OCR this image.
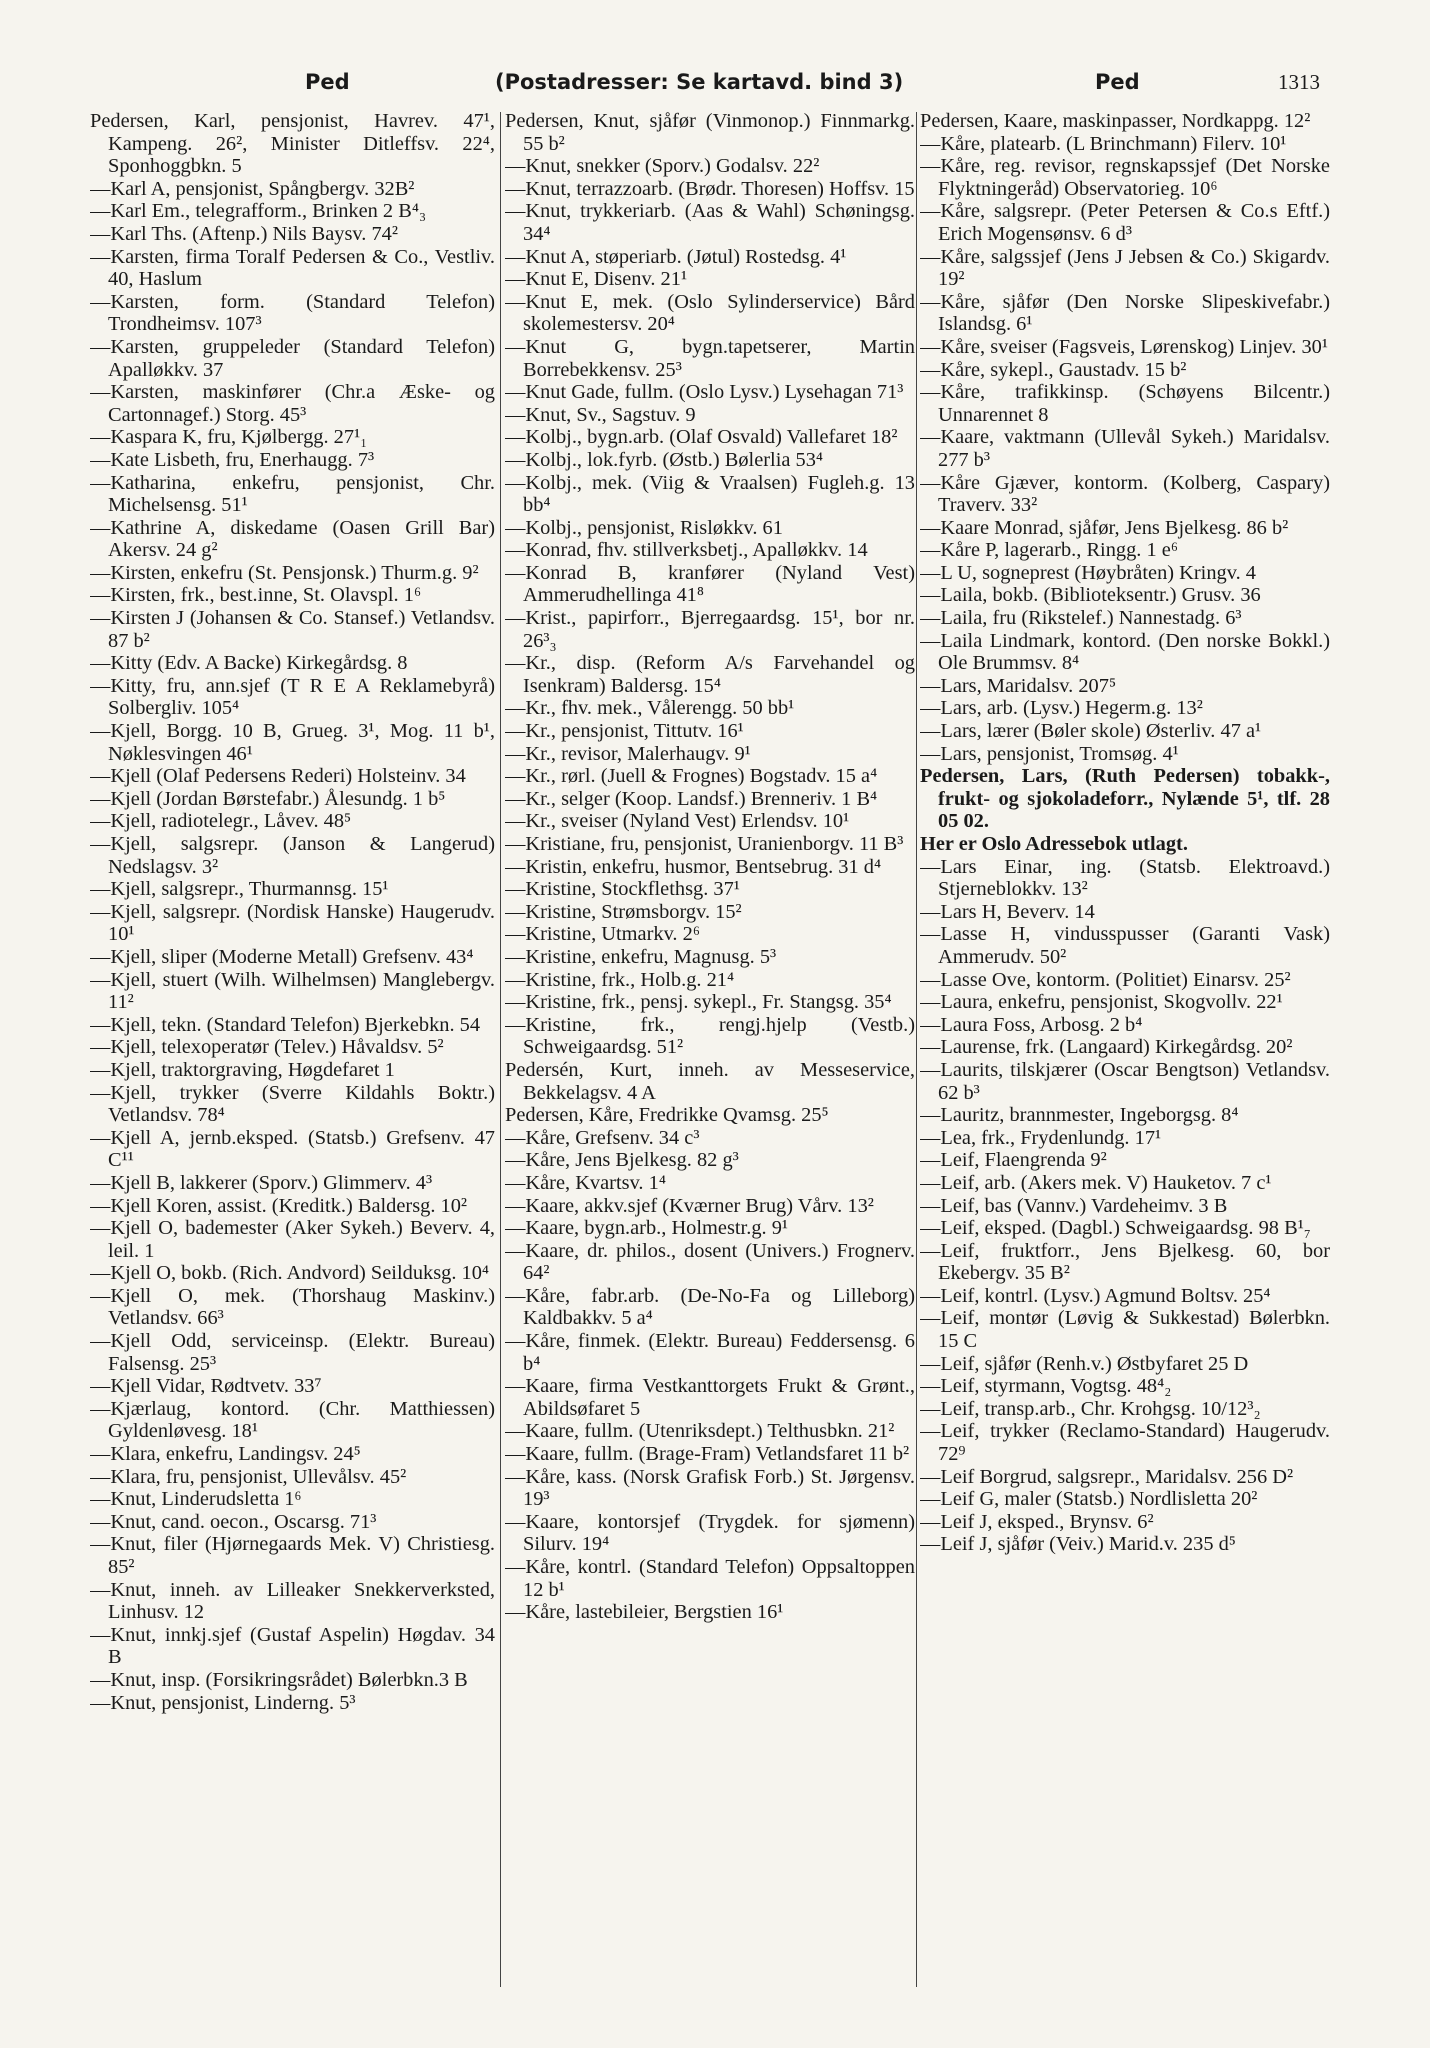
Ped	(Postadresser: Se kartavd. bind 3)	Ped	1313

Pedersen, Karl, pensjonist, Havrev. 47¹, Kampeng. 26², Minister Ditleffsv. 22⁴, Sponhoggbkn. 5

—Karl A, pensjonist, Spångbergv. 32B²

—Karl Em., telegrafform., Brinken 2 B⁴₃

—Karl Ths. (Aftenp.) Nils Baysv. 74²

—Karsten, firma Toralf Pedersen & Co., Vestliv. 40, Haslum

—Karsten, form. (Standard Telefon) Trondheimsv. 107³

—Karsten, gruppeleder (Standard Telefon) Apalløkkv. 37

—Karsten, maskinfører (Chr.a Æske- og Cartonnagef.) Storg. 45³

—Kaspara K, fru, Kjølbergg. 27¹₁

—Kate Lisbeth, fru, Enerhaugg. 7³

—Katharina, enkefru, pensjonist, Chr. Michelsensg. 51¹

—Kathrine A, diskedame (Oasen Grill Bar) Akersv. 24 g²

—Kirsten, enkefru (St. Pensjonsk.) Thurm.g. 9²

—Kirsten, frk., best.inne, St. Olavspl. 1⁶

—Kirsten J (Johansen & Co. Stansef.) Vetlandsv. 87 b²

—Kitty (Edv. A Backe) Kirkegårdsg. 8

—Kitty, fru, ann.sjef (T R E A Reklamebyrå) Solbergliv. 105⁴

—Kjell, Borgg. 10 B, Grueg. 3¹, Mog. 11 b¹, Nøklesvingen 46¹

—Kjell (Olaf Pedersens Rederi) Holsteinv. 34

—Kjell (Jordan Børstefabr.) Ålesundg. 1 b⁵

—Kjell, radiotelegr., Låvev. 48⁵

—Kjell, salgsrepr. (Janson & Langerud) Nedslagsv. 3²

—Kjell, salgsrepr., Thurmannsg. 15¹

—Kjell, salgsrepr. (Nordisk Hanske) Haugerudv. 10¹

—Kjell, sliper (Moderne Metall) Grefsenv. 43⁴

—Kjell, stuert (Wilh. Wilhelmsen) Manglebergv. 11²

—Kjell, tekn. (Standard Telefon) Bjerkebkn. 54

—Kjell, telexoperatør (Telev.) Håvaldsv. 5²

—Kjell, traktorgraving, Høgdefaret 1

—Kjell, trykker (Sverre Kildahls Boktr.) Vetlandsv. 78⁴

—Kjell A, jernb.eksped. (Statsb.) Grefsenv. 47 C¹¹

—Kjell B, lakkerer (Sporv.) Glimmerv. 4³

—Kjell Koren, assist. (Kreditk.) Baldersg. 10²

—Kjell O, bademester (Aker Sykeh.) Beverv. 4, leil. 1

—Kjell O, bokb. (Rich. Andvord) Seilduksg. 10⁴

—Kjell O, mek. (Thorshaug Maskinv.) Vetlandsv. 66³

—Kjell Odd, serviceinsp. (Elektr. Bureau) Falsensg. 25³

—Kjell Vidar, Rødtvetv. 33⁷

—Kjærlaug, kontord. (Chr. Matthiessen) Gyldenløvesg. 18¹

—Klara, enkefru, Landingsv. 24⁵

—Klara, fru, pensjonist, Ullevålsv. 45²

—Knut, Linderudsletta 1⁶

—Knut, cand. oecon., Oscarsg. 71³

—Knut, filer (Hjørnegaards Mek. V) Christiesg. 85²

—Knut, inneh. av Lilleaker Snekkerverksted, Linhusv. 12

—Knut, innkj.sjef (Gustaf Aspelin) Høgdav. 34 B

—Knut, insp. (Forsikringsrådet) Bølerbkn.3 B

—Knut, pensjonist, Linderng. 5³

Pedersen, Knut, sjåfør (Vinmonop.) Finnmarkg. 55 b²

—Knut, snekker (Sporv.) Godalsv. 22²

—Knut, terrazzoarb. (Brødr. Thoresen) Hoffsv. 15

—Knut, trykkeriarb. (Aas & Wahl) Schøningsg. 34⁴

—Knut A, støperiarb. (Jøtul) Rostedsg. 4¹

—Knut E, Disenv. 21¹

—Knut E, mek. (Oslo Sylinderservice) Bård skolemestersv. 20⁴

—Knut G, bygn.tapetserer, Martin Borrebekkensv. 25³

—Knut Gade, fullm. (Oslo Lysv.) Lysehagan 71³

—Knut, Sv., Sagstuv. 9

—Kolbj., bygn.arb. (Olaf Osvald) Vallefaret 18²

—Kolbj., lok.fyrb. (Østb.) Bølerlia 53⁴

—Kolbj., mek. (Viig & Vraalsen) Fugleh.g. 13 bb⁴

—Kolbj., pensjonist, Risløkkv. 61

—Konrad, fhv. stillverksbetj., Apalløkkv. 14

—Konrad B, kranfører (Nyland Vest) Ammerudhellinga 41⁸

—Krist., papirforr., Bjerregaardsg. 15¹, bor nr. 26³₃

—Kr., disp. (Reform A/s Farvehandel og Isenkram) Baldersg. 15⁴

—Kr., fhv. mek., Vålerengg. 50 bb¹

—Kr., pensjonist, Tittutv. 16¹

—Kr., revisor, Malerhaugv. 9¹

—Kr., rørl. (Juell & Frognes) Bogstadv. 15 a⁴

—Kr., selger (Koop. Landsf.) Brenneriv. 1 B⁴

—Kr., sveiser (Nyland Vest) Erlendsv. 10¹

—Kristiane, fru, pensjonist, Uranienborgv. 11 B³

—Kristin, enkefru, husmor, Bentsebrug. 31 d⁴

—Kristine, Stockflethsg. 37¹

—Kristine, Strømsborgv. 15²

—Kristine, Utmarkv. 2⁶

—Kristine, enkefru, Magnusg. 5³

—Kristine, frk., Holb.g. 21⁴

—Kristine, frk., pensj. sykepl., Fr. Stangsg. 35⁴

—Kristine, frk., rengj.hjelp (Vestb.) Schweigaardsg. 51²

Pedersén, Kurt, inneh. av Messeservice, Bekkelagsv. 4 A

Pedersen, Kåre, Fredrikke Qvamsg. 25⁵

—Kåre, Grefsenv. 34 c³

—Kåre, Jens Bjelkesg. 82 g³

—Kåre, Kvartsv. 1⁴

—Kaare, akkv.sjef (Kværner Brug) Vårv. 13²

—Kaare, bygn.arb., Holmestr.g. 9¹

—Kaare, dr. philos., dosent (Univers.) Frognerv. 64²

—Kåre, fabr.arb. (De-No-Fa og Lilleborg) Kaldbakkv. 5 a⁴

—Kåre, finmek. (Elektr. Bureau) Feddersensg. 6 b⁴

—Kaare, firma Vestkanttorgets Frukt & Grønt., Abildsøfaret 5

—Kaare, fullm. (Utenriksdept.) Telthusbkn. 21²

—Kaare, fullm. (Brage-Fram) Vetlandsfaret 11 b²

—Kåre, kass. (Norsk Grafisk Forb.) St. Jørgensv. 19³

—Kaare, kontorsjef (Trygdek. for sjømenn) Silurv. 19⁴

—Kåre, kontrl. (Standard Telefon) Oppsaltoppen 12 b¹

—Kåre, lastebileier, Bergstien 16¹

Pedersen, Kaare, maskinpasser, Nordkappg. 12²

—Kåre, platearb. (L Brinchmann) Filerv. 10¹

—Kåre, reg. revisor, regnskapssjef (Det Norske Flyktningeråd) Observatorieg. 10⁶

—Kåre, salgsrepr. (Peter Petersen & Co.s Eftf.) Erich Mogensønsv. 6 d³

—Kåre, salgssjef (Jens J Jebsen & Co.) Skigardv. 19²

—Kåre, sjåfør (Den Norske Slipeskivefabr.) Islandsg. 6¹

—Kåre, sveiser (Fagsveis, Lørenskog) Linjev. 30¹

—Kåre, sykepl., Gaustadv. 15 b²

—Kåre, trafikkinsp. (Schøyens Bilcentr.) Unnarennet 8

—Kaare, vaktmann (Ullevål Sykeh.) Maridalsv. 277 b³

—Kåre Gjæver, kontorm. (Kolberg, Caspary) Traverv. 33²

—Kaare Monrad, sjåfør, Jens Bjelkesg. 86 b²

—Kåre P, lagerarb., Ringg. 1 e⁶

—L U, sogneprest (Høybråten) Kringv. 4

—Laila, bokb. (Biblioteksentr.) Grusv. 36

—Laila, fru (Rikstelef.) Nannestadg. 6³

—Laila Lindmark, kontord. (Den norske Bokkl.) Ole Brummsv. 8⁴

—Lars, Maridalsv. 207⁵

—Lars, arb. (Lysv.) Hegerm.g. 13²

—Lars, lærer (Bøler skole) Østerliv. 47 a¹

—Lars, pensjonist, Tromsøg. 4¹

Pedersen, Lars, (Ruth Pedersen) tobakk-, frukt- og sjokoladeforr., Nylænde 5¹, tlf. 28 05 02.

Her er Oslo Adressebok utlagt.

—Lars Einar, ing. (Statsb. Elektroavd.) Stjerneblokkv. 13²

—Lars H, Beverv. 14

—Lasse H, vindusspusser (Garanti Vask) Ammerudv. 50²

—Lasse Ove, kontorm. (Politiet) Einarsv. 25²

—Laura, enkefru, pensjonist, Skogvollv. 22¹

—Laura Foss, Arbosg. 2 b⁴

—Laurense, frk. (Langaard) Kirkegårdsg. 20²

—Laurits, tilskjærer (Oscar Bengtson) Vetlandsv. 62 b³

—Lauritz, brannmester, Ingeborgsg. 8⁴

—Lea, frk., Frydenlundg. 17¹

—Leif, Flaengrenda 9²

—Leif, arb. (Akers mek. V) Hauketov. 7 c¹

—Leif, bas (Vannv.) Vardeheimv. 3 B

—Leif, eksped. (Dagbl.) Schweigaardsg. 98 B¹₇

—Leif, fruktforr., Jens Bjelkesg. 60, bor Ekebergv. 35 B²

—Leif, kontrl. (Lysv.) Agmund Boltsv. 25⁴

—Leif, montør (Løvig & Sukkestad) Bølerbkn. 15 C

—Leif, sjåfør (Renh.v.) Østbyfaret 25 D

—Leif, styrmann, Vogtsg. 48⁴₂

—Leif, transp.arb., Chr. Krohgsg. 10/12³₂

—Leif, trykker (Reclamo-Standard) Haugerudv. 72⁹

—Leif Borgrud, salgsrepr., Maridalsv. 256 D²

—Leif G, maler (Statsb.) Nordlisletta 20²

—Leif J, eksped., Brynsv. 6²

—Leif J, sjåfør (Veiv.) Marid.v. 235 d⁵
